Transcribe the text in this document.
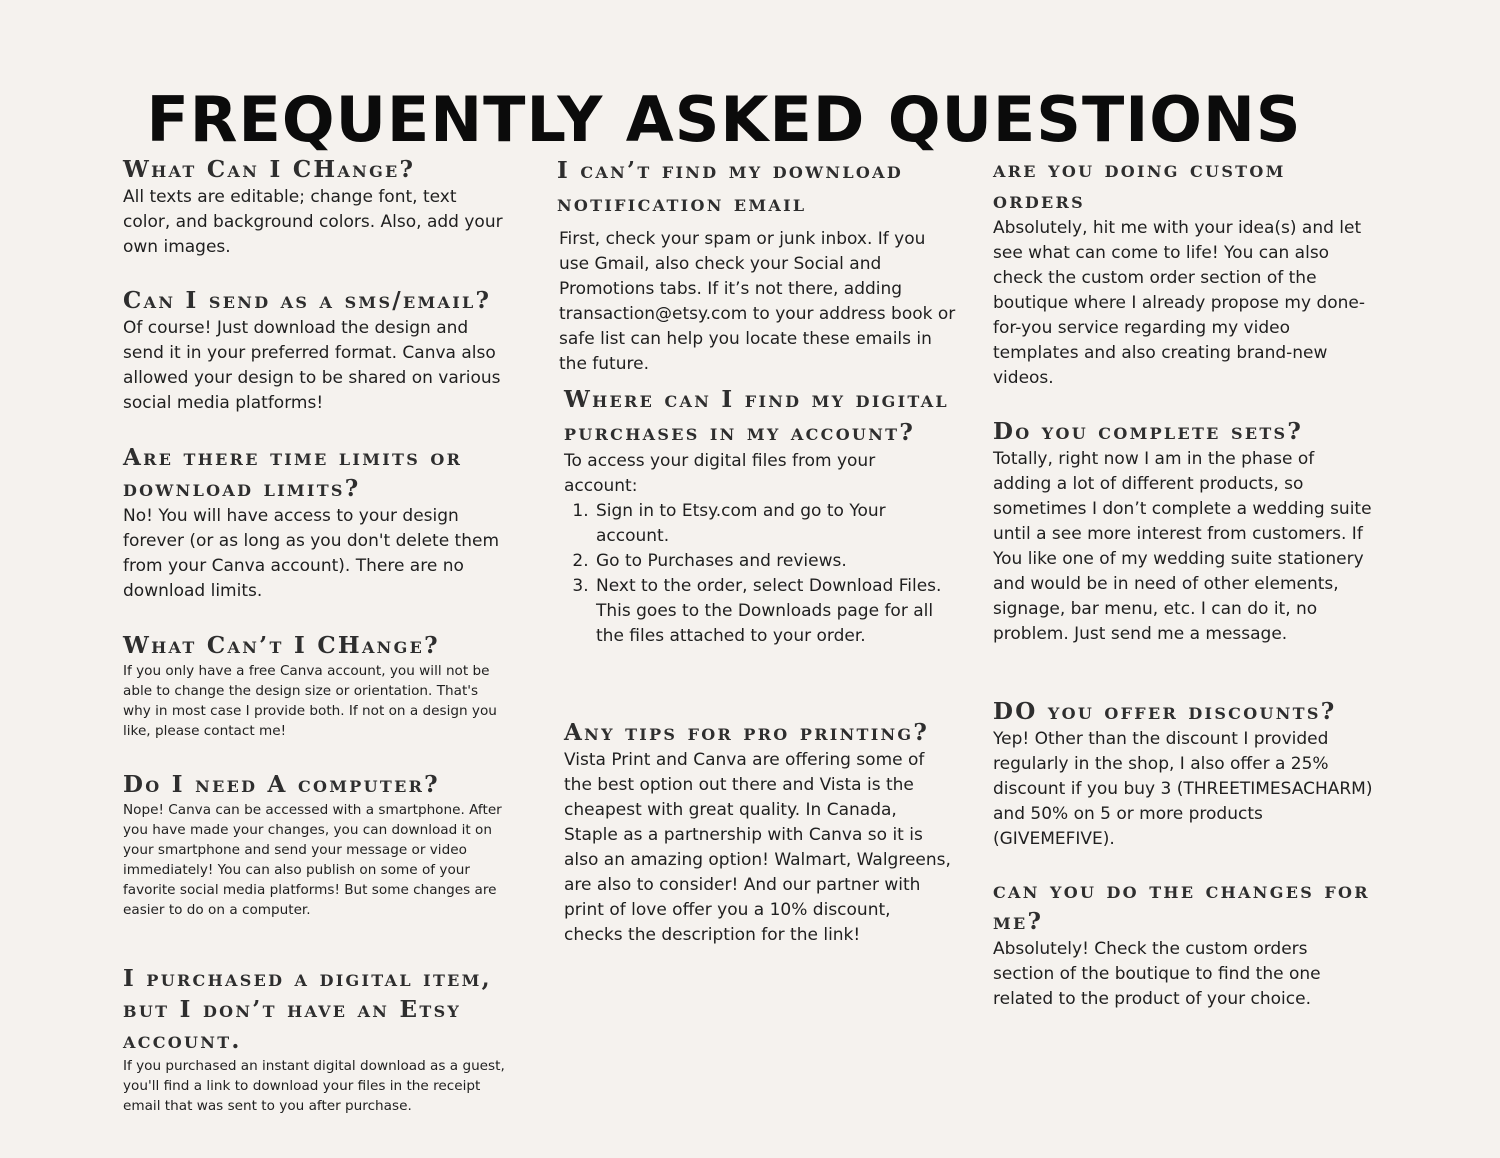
FREQUENTLY ASKED QUESTIONS

What Can I CHange?

All texts are editable; change font, text color, and background colors. Also, add your own images.

Can I send as a sms/email?

Of course! Just download the design and send it in your preferred format. Canva also allowed your design to be shared on various social media platforms!

Are there time limits or download limits?

No! You will have access to your design forever (or as long as you don't delete them from your Canva account). There are no download limits.

What Can’t I CHange?

If you only have a free Canva account, you will not be able to change the design size or orientation. That's why in most case I provide both. If not on a design you like, please contact me!

Do I need A computer?

Nope! Canva can be accessed with a smartphone. After you have made your changes, you can download it on your smartphone and send your message or video immediately! You can also publish on some of your favorite social media platforms! But some changes are easier to do on a computer.

I purchased a digital item, but I don’t have an Etsy account.

If you purchased an instant digital download as a guest, you'll find a link to download your files in the receipt email that was sent to you after purchase.

I can’t find my download notification email

First, check your spam or junk inbox. If you use Gmail, also check your Social and Promotions tabs. If it’s not there, adding transaction@etsy.com to your address book or safe list can help you locate these emails in the future.

Where can I find my digital purchases in my account?

To access your digital files from your account:

1. Sign in to Etsy.com and go to Your account.
2. Go to Purchases and reviews.
3. Next to the order, select Download Files. This goes to the Downloads page for all the files attached to your order.

Any tips for pro printing?

Vista Print and Canva are offering some of the best option out there and Vista is the cheapest with great quality. In Canada, Staple as a partnership with Canva so it is also an amazing option! Walmart, Walgreens, are also to consider! And our partner with print of love offer you a 10% discount, checks the description for the link!

are you doing custom orders

Absolutely, hit me with your idea(s) and let see what can come to life! You can also check the custom order section of the boutique where I already propose my done-for-you service regarding my video templates and also creating brand-new videos.

Do you complete sets?

Totally, right now I am in the phase of adding a lot of different products, so sometimes I don’t complete a wedding suite until a see more interest from customers. If You like one of my wedding suite stationery and would be in need of other elements, signage, bar menu, etc. I can do it, no problem. Just send me a message.

DO you offer discounts?

Yep! Other than the discount I provided regularly in the shop, I also offer a 25% discount if you buy 3 (THREETIMESACHARM) and 50% on 5 or more products (GIVEMEFIVE).

can you do the changes for me?

Absolutely! Check the custom orders section of the boutique to find the one related to the product of your choice.
